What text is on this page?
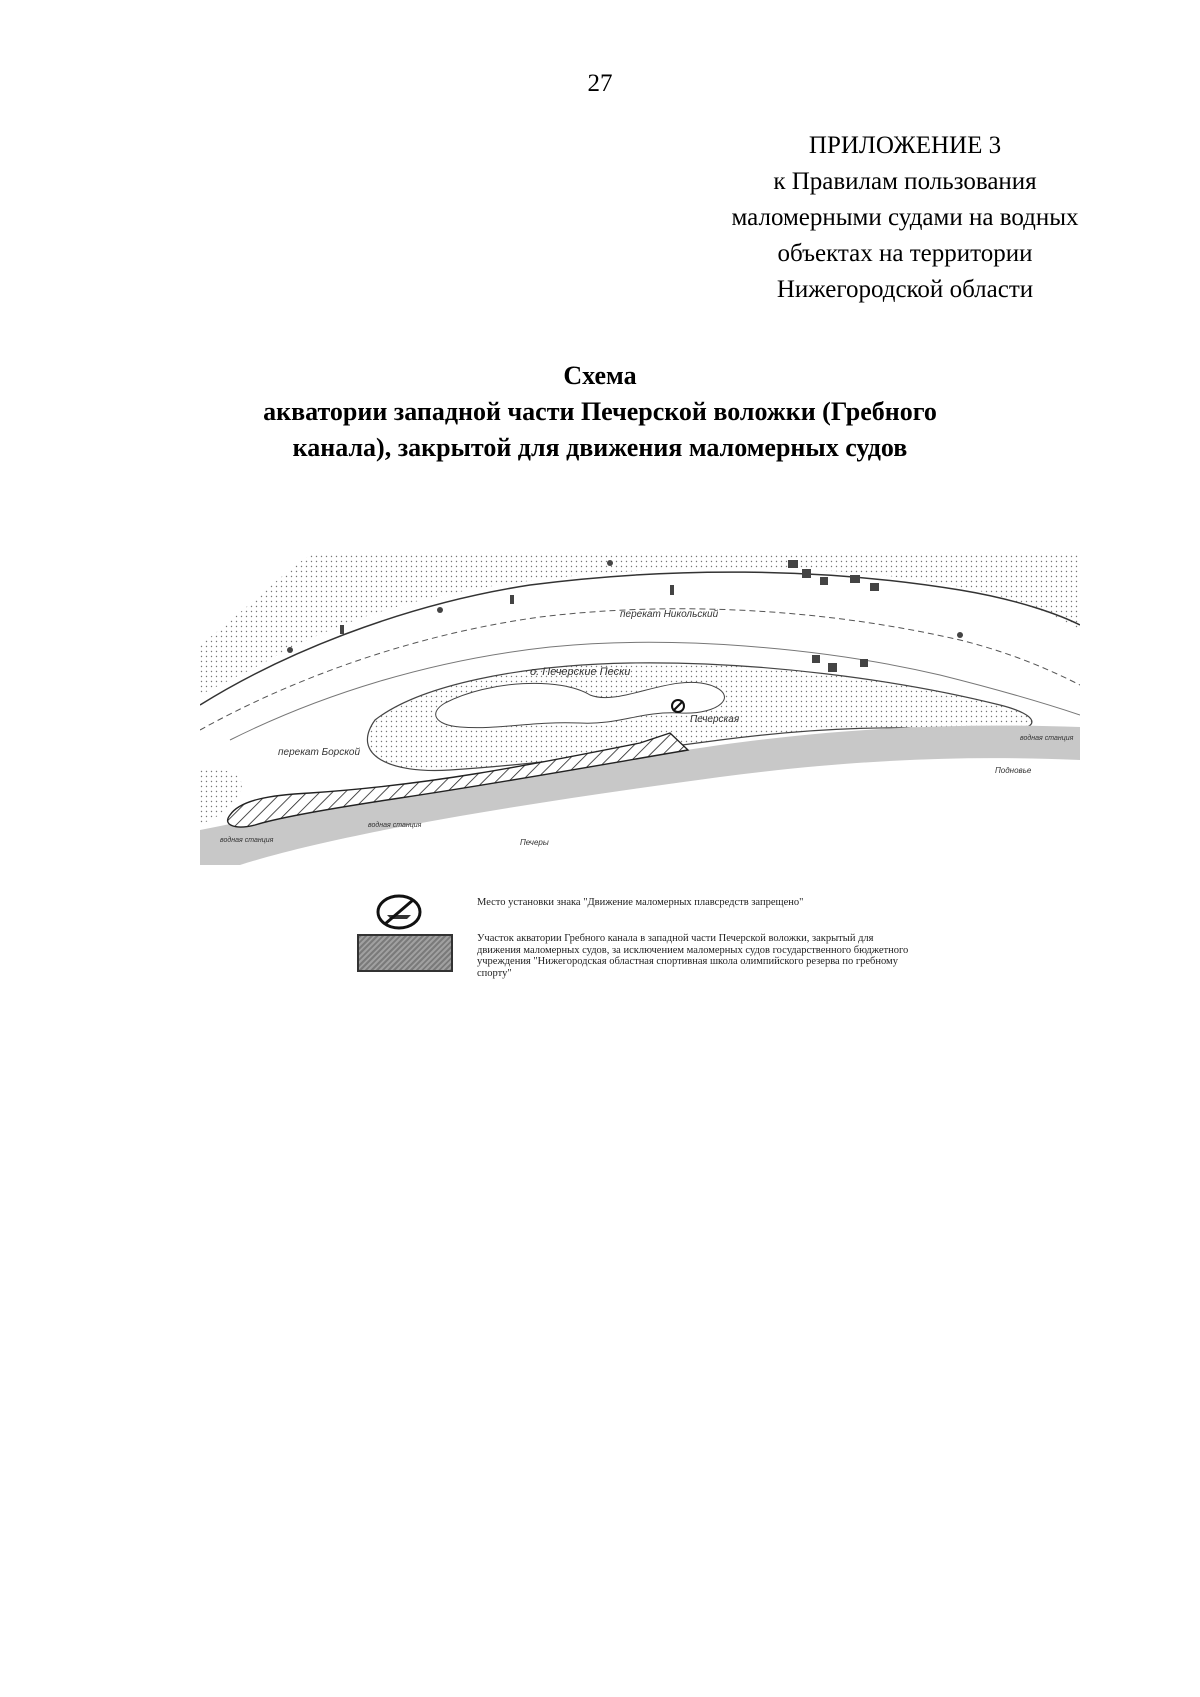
27
ПРИЛОЖЕНИЕ 3
к Правилам пользования
маломерными судами на водных
объектах на территории
Нижегородской области
Схема
акватории западной части Печерской воложки (Гребного
канала), закрытой для движения маломерных судов
о. Печерские Пески
перекат Никольский
перекат Борской
Печерская
Печеры
Подновье
водная станция
водная станция
водная станция
Место установки знака "Движение маломерных плавсредств запрещено"
Участок акватории Гребного канала в западной части Печерской воложки, закрытый для движения маломерных судов, за исключением маломерных судов государственного бюджетного учреждения "Нижегородская областная спортивная школа олимпийского резерва по гребному спорту"
